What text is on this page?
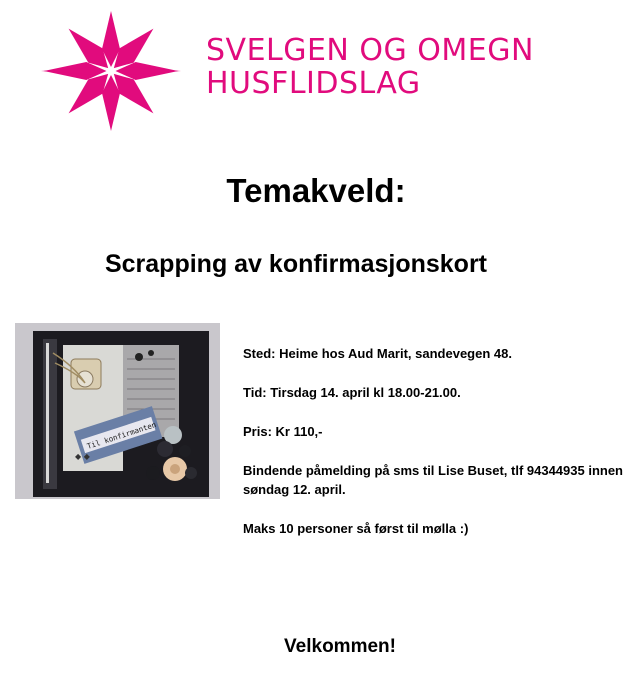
SVELGEN OG OMEGN
HUSFLIDSLAG
Temakveld:
Scrapping av konfirmasjonskort
Til konfirmanten
◆ ◆

Sted: Heime hos Aud Marit, sandevegen 48.

Tid: Tirsdag 14. april kl 18.00-21.00.

Pris: Kr 110,-

Bindende påmelding på sms til Lise Buset, tlf 94344935 innen søndag 12. april.

Maks 10 personer så først til mølla :)

Velkommen!
